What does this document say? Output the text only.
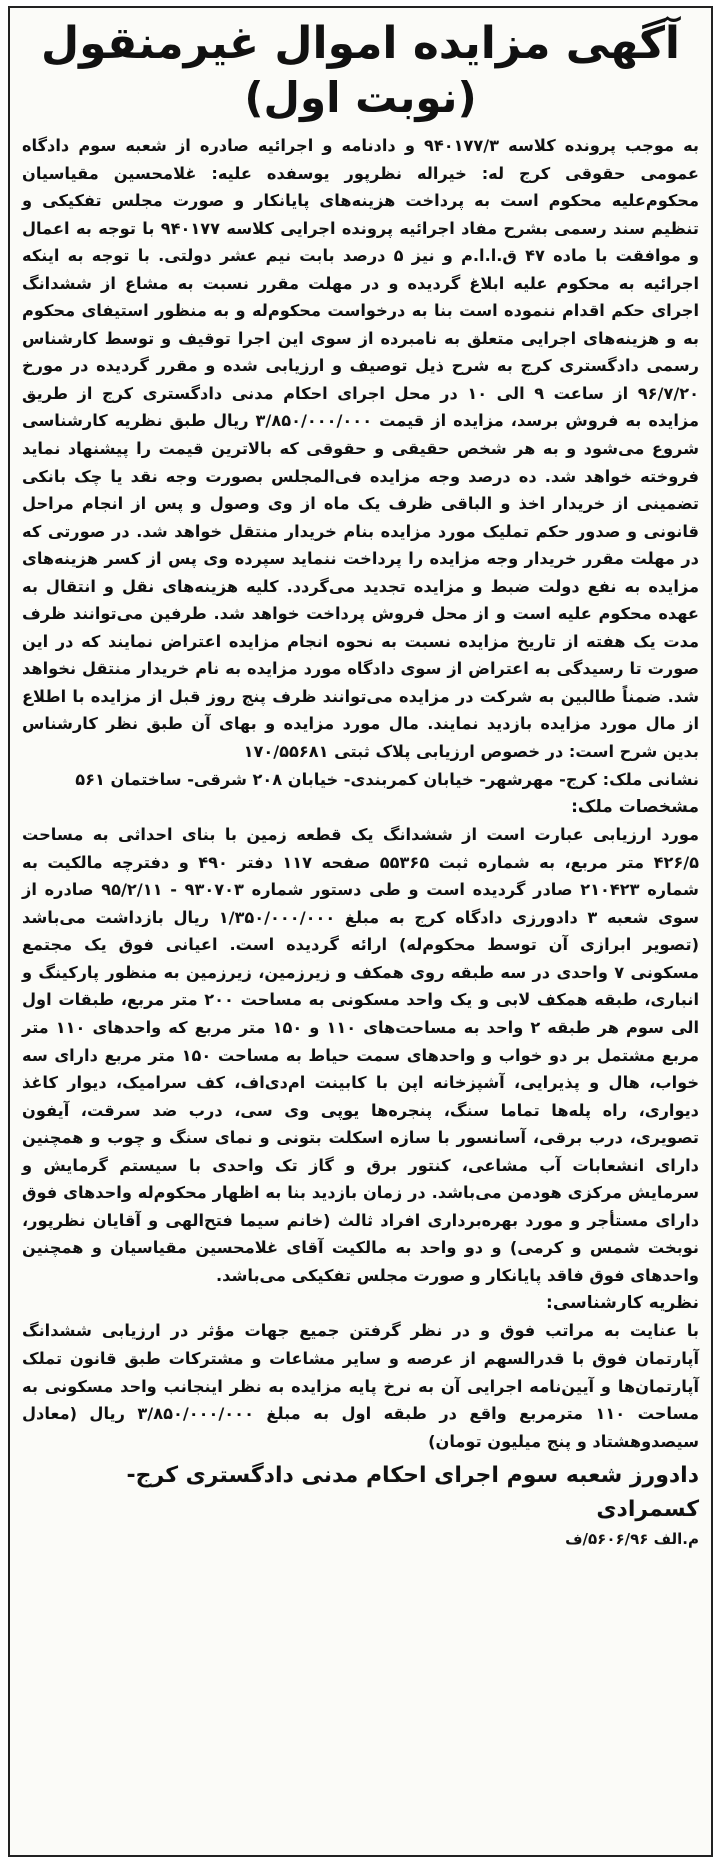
آگهی مزایده اموال غیرمنقول
(نوبت اول)

به موجب پرونده کلاسه ۹۴۰۱۷۷/۳ و دادنامه و اجرائیه صادره از شعبه سوم دادگاه عمومی حقوقی کرج له: خیراله نظرپور یوسفده علیه: غلامحسین مقیاسیان محکوم‌علیه محکوم است به پرداخت هزینه‌های پایانکار و صورت مجلس تفکیکی و تنظیم سند رسمی بشرح مفاد اجرائیه پرونده اجرایی کلاسه ۹۴۰۱۷۷ با توجه به اعمال و موافقت با ماده ۴۷ ق.ا.ا.م و نیز ۵ درصد بابت نیم عشر دولتی. با توجه به اینکه اجرائیه به محکوم علیه ابلاغ گردیده و در مهلت مقرر نسبت به مشاع از ششدانگ اجرای حکم اقدام ننموده است بنا به درخواست محکوم‌له و به منظور استیفای محکوم به و هزینه‌های اجرایی متعلق به نامبرده از سوی این اجرا توقیف و توسط کارشناس رسمی دادگستری کرج به شرح ذیل توصیف و ارزیابی شده و مقرر گردیده در مورخ ۹۶/۷/۲۰ از ساعت ۹ الی ۱۰ در محل اجرای احکام مدنی دادگستری کرج از طریق مزایده به فروش برسد، مزایده از قیمت ۳/۸۵۰/۰۰۰/۰۰۰ ریال طبق نظریه کارشناسی شروع می‌شود و به هر شخص حقیقی و حقوقی که بالاترین قیمت را پیشنهاد نماید فروخته خواهد شد. ده درصد وجه مزایده فی‌المجلس بصورت وجه نقد یا چک بانکی تضمینی از خریدار اخذ و الباقی ظرف یک ماه از وی وصول و پس از انجام مراحل قانونی و صدور حکم تملیک مورد مزایده بنام خریدار منتقل خواهد شد. در صورتی که در مهلت مقرر خریدار وجه مزایده را پرداخت ننماید سپرده وی پس از کسر هزینه‌های مزایده به نفع دولت ضبط و مزایده تجدید می‌گردد. کلیه هزینه‌های نقل و انتقال به عهده محکوم علیه است و از محل فروش پرداخت خواهد شد. طرفین می‌توانند ظرف مدت یک هفته از تاریخ مزایده نسبت به نحوه انجام مزایده اعتراض نمایند که در این صورت تا رسیدگی به اعتراض از سوی دادگاه مورد مزایده به نام خریدار منتقل نخواهد شد. ضمناً طالبین به شرکت در مزایده می‌توانند ظرف پنج روز قبل از مزایده با اطلاع از مال مورد مزایده بازدید نمایند. مال مورد مزایده و بهای آن طبق نظر کارشناس بدین شرح است: در خصوص ارزیابی پلاک ثبتی ۱۷۰/۵۵۶۸۱

نشانی ملک: کرج- مهرشهر- خیابان کمربندی- خیابان ۲۰۸ شرقی- ساختمان ۵۶۱

مشخصات ملک:

مورد ارزیابی عبارت است از ششدانگ یک قطعه زمین با بنای احداثی به مساحت ۴۲۶/۵ متر مربع، به شماره ثبت ۵۵۳۶۵ صفحه ۱۱۷ دفتر ۴۹۰ و دفترچه مالکیت به شماره ۲۱۰۴۲۳ صادر گردیده است و طی دستور شماره ۹۳۰۷۰۳ - ۹۵/۲/۱۱ صادره از سوی شعبه ۳ دادورزی دادگاه کرج به مبلغ ۱/۳۵۰/۰۰۰/۰۰۰ ریال بازداشت می‌باشد (تصویر ابرازی آن توسط محکوم‌له) ارائه گردیده است. اعیانی فوق یک مجتمع مسکونی ۷ واحدی در سه طبقه روی همکف و زیرزمین، زیرزمین به منظور پارکینگ و انباری، طبقه همکف لابی و یک واحد مسکونی به مساحت ۲۰۰ متر مربع، طبقات اول الی سوم هر طبقه ۲ واحد به مساحت‌های ۱۱۰ و ۱۵۰ متر مربع که واحدهای ۱۱۰ متر مربع مشتمل بر دو خواب و واحدهای سمت حیاط به مساحت ۱۵۰ متر مربع دارای سه خواب، هال و پذیرایی، آشپزخانه اپن با کابینت ام‌دی‌اف، کف سرامیک، دیوار کاغذ دیواری، راه پله‌ها تماما سنگ، پنجره‌ها یوپی وی سی، درب ضد سرقت، آیفون تصویری، درب برقی، آسانسور با سازه اسکلت بتونی و نمای سنگ و چوب و همچنین دارای انشعابات آب مشاعی، کنتور برق و گاز تک واحدی با سیستم گرمایش و سرمایش مرکزی هودمن می‌باشد. در زمان بازدید بنا به اظهار محکوم‌له واحدهای فوق دارای مستأجر و مورد بهره‌برداری افراد ثالث (خانم سیما فتح‌الهی و آقایان نظرپور، نوبخت شمس و کرمی) و دو واحد به مالکیت آقای غلامحسین مقیاسیان و همچنین واحدهای فوق فاقد پایانکار و صورت مجلس تفکیکی می‌باشد.

نظریه کارشناسی:

با عنایت به مراتب فوق و در نظر گرفتن جمیع جهات مؤثر در ارزیابی ششدانگ آپارتمان فوق با قدرالسهم از عرصه و سایر مشاعات و مشترکات طبق قانون تملک آپارتمان‌ها و آیین‌نامه اجرایی آن به نرخ پایه مزایده به نظر اینجانب واحد مسکونی به مساحت ۱۱۰ مترمربع واقع در طبقه اول به مبلغ ۳/۸۵۰/۰۰۰/۰۰۰ ریال (معادل سیصدوهشتاد و پنج میلیون تومان)

دادورز شعبه سوم اجرای احکام مدنی دادگستری کرج- کسمرادی
م.الف ۵۶۰۶/۹۶/ف
